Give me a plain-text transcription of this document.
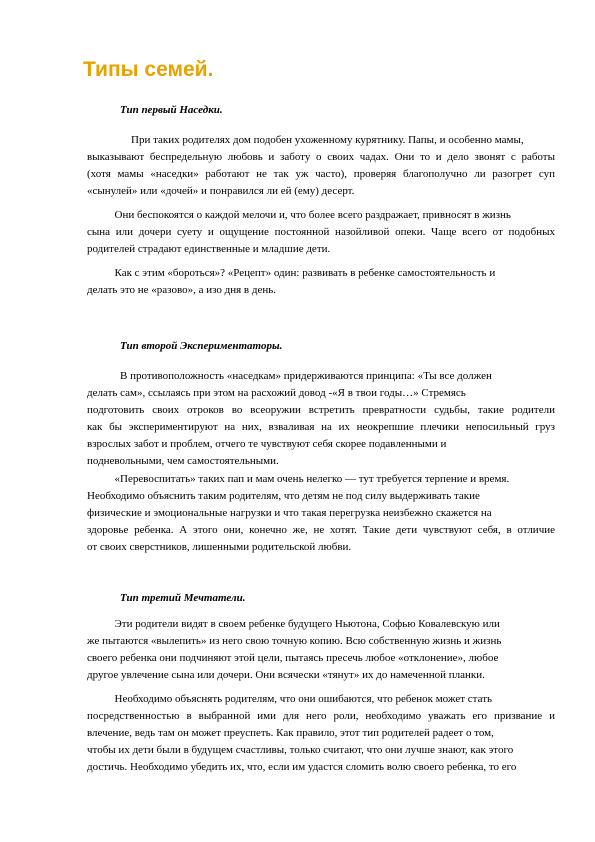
Типы семей.
Тип первый Наседки.
При таких родителях дом подобен ухоженному курятнику. Папы, и особенно мамы,
выказывают беспредельную любовь и заботу о своих чадах. Они то и дело звонят с работы
(хотя мамы «наседки» работают не так уж часто), проверяя благополучно ли разогрет суп
«сынулей» или «дочей» и понравился ли ей (ему) десерт.
Они беспокоятся о каждой мелочи и, что более всего раздражает, привносят в жизнь
сына или дочери суету и ощущение постоянной назойливой опеки. Чаще всего от подобных
родителей страдают единственные и младшие дети.
Как с этим «бороться»? «Рецепт» один: развивать в ребенке самостоятельность и
делать это не «разово», а изо дня в день.
Тип второй Экспериментаторы.
В противоположность «наседкам» придерживаются принципа: «Ты все должен
делать сам», ссылаясь при этом на расхожий довод -«Я в твои годы…» Стремясь
подготовить своих отроков во всеоружии встретить превратности судьбы, такие родители
как бы экспериментируют на них, взваливая на их неокрепшие плечики непосильный груз
взрослых забот и проблем, отчего те чувствуют себя скорее подавленными и
подневольными, чем самостоятельными.
«Перевоспитать» таких пап и мам очень нелегко — тут требуется терпение и время.
Необходимо объяснить таким родителям, что детям не под силу выдерживать такие
физические и эмоциональные нагрузки и что такая перегрузка неизбежно скажется на
здоровье ребенка. А этого они, конечно же, не хотят. Такие дети чувствуют себя, в отличие
от своих сверстников, лишенными родительской любви.
Тип третий Мечтатели.
Эти родители видят в своем ребенке будущего Ньютона, Софью Ковалевскую или
же пытаются «вылепить» из него свою точную копию. Всю собственную жизнь и жизнь
своего ребенка они подчиняют этой цели, пытаясь пресечь любое «отклонение», любое
другое увлечение сына или дочери. Они всячески «тянут» их до намеченной планки.
Необходимо объяснять родителям, что они ошибаются, что ребенок может стать
посредственностью в выбранной ими для него роли, необходимо уважать его призвание и
влечение, ведь там он может преуспеть. Как правило, этот тип родителей радеет о том,
чтобы их дети были в будущем счастливы, только считают, что они лучше знают, как этого
достичь. Необходимо убедить их, что, если им удастся сломить волю своего ребенка, то его
